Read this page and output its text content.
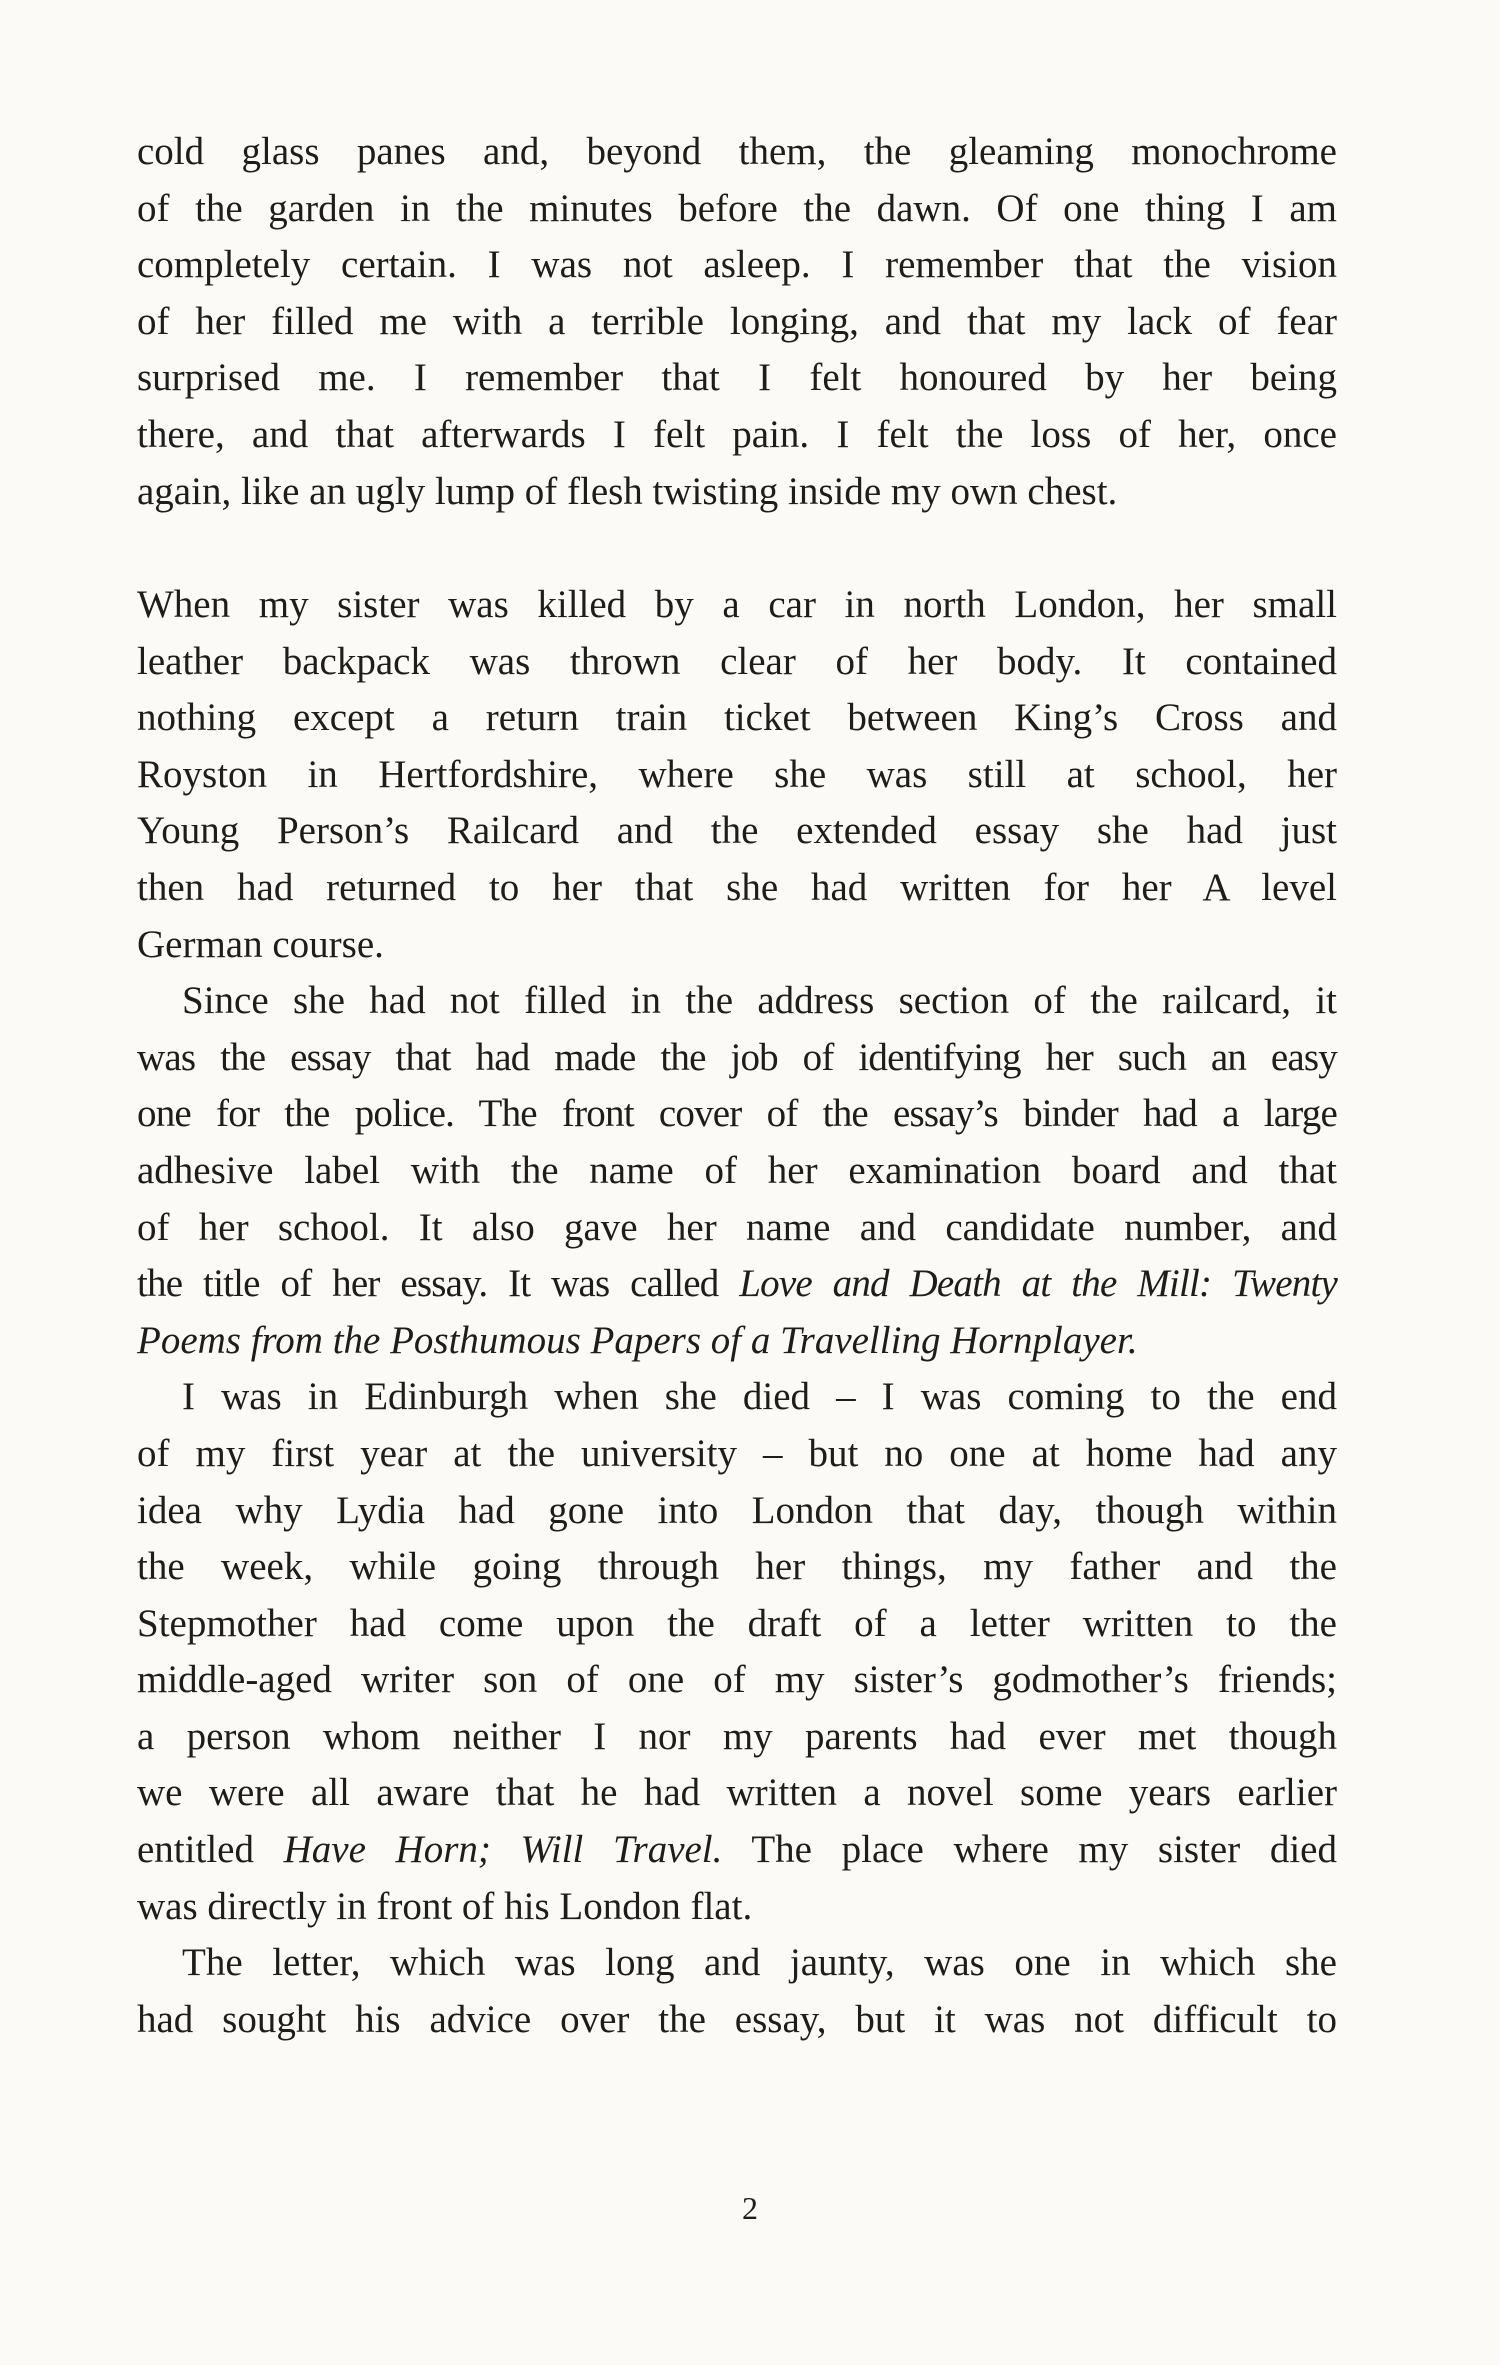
cold glass panes and, beyond them, the gleaming monochrome
of the garden in the minutes before the dawn. Of one thing I am
completely certain. I was not asleep. I remember that the vision
of her filled me with a terrible longing, and that my lack of fear
surprised me. I remember that I felt honoured by her being
there, and that afterwards I felt pain. I felt the loss of her, once
again, like an ugly lump of flesh twisting inside my own chest.
When my sister was killed by a car in north London, her small
leather backpack was thrown clear of her body. It contained
nothing except a return train ticket between King’s Cross and
Royston in Hertfordshire, where she was still at school, her
Young Person’s Railcard and the extended essay she had just
then had returned to her that she had written for her A level
German course.
Since she had not filled in the address section of the railcard, it
was the essay that had made the job of identifying her such an easy
one for the police. The front cover of the essay’s binder had a large
adhesive label with the name of her examination board and that
of her school. It also gave her name and candidate number, and
the title of her essay. It was called Love and Death at the Mill: Twenty
Poems from the Posthumous Papers of a Travelling Hornplayer.
I was in Edinburgh when she died – I was coming to the end
of my first year at the university – but no one at home had any
idea why Lydia had gone into London that day, though within
the week, while going through her things, my father and the
Stepmother had come upon the draft of a letter written to the
middle-aged writer son of one of my sister’s godmother’s friends;
a person whom neither I nor my parents had ever met though
we were all aware that he had written a novel some years earlier
entitled Have Horn; Will Travel. The place where my sister died
was directly in front of his London flat.
The letter, which was long and jaunty, was one in which she
had sought his advice over the essay, but it was not difficult to
2
